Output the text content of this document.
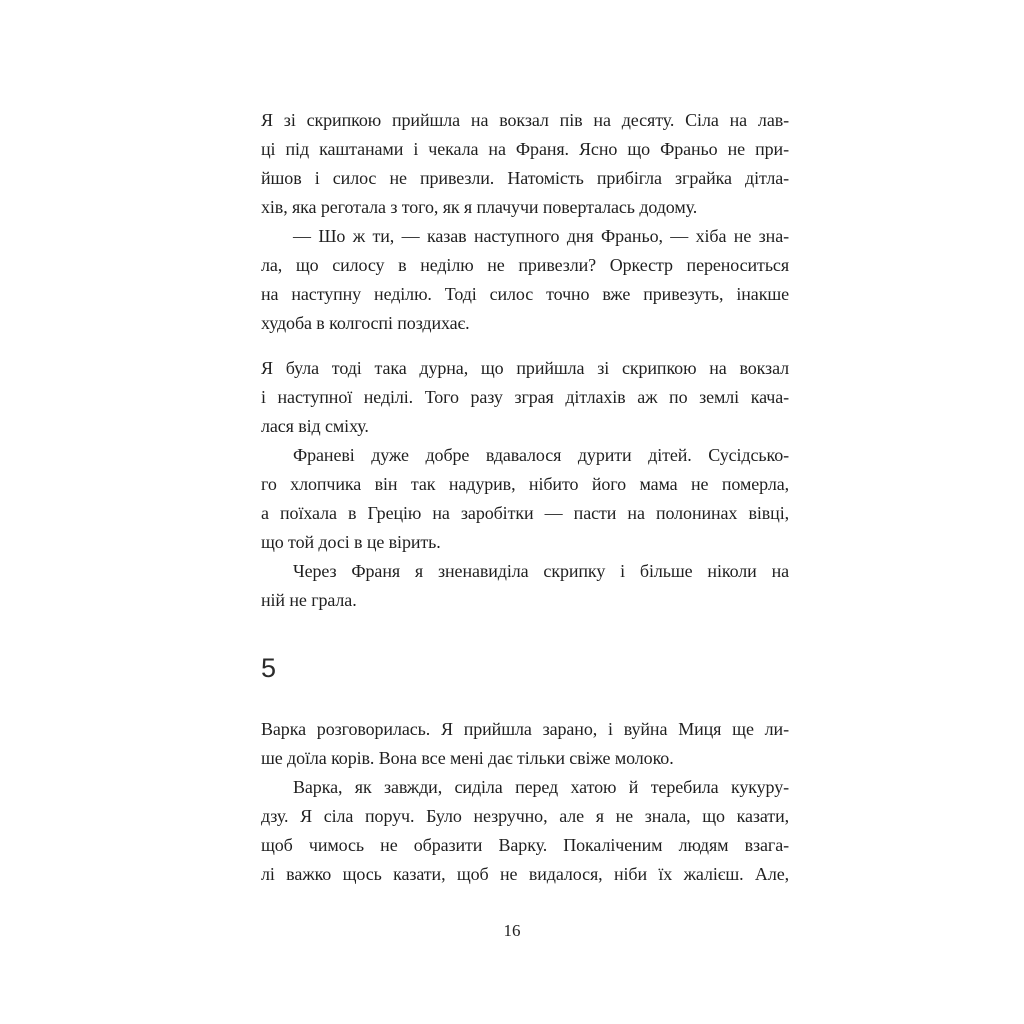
Я зі скрипкою прийшла на вокзал пів на десяту. Сіла на лав-
ці під каштанами і чекала на Франя. Ясно що Франьо не при-
йшов і силос не привезли. Натомість прибігла зграйка дітла-
хів, яка реготала з того, як я плачучи поверталась додому.
— Шо ж ти, — казав наступного дня Франьо, — хіба не зна-
ла, що силосу в неділю не привезли? Оркестр переноситься
на наступну неділю. Тоді силос точно вже привезуть, інакше
худоба в колгоспі поздихає.
Я була тоді така дурна, що прийшла зі скрипкою на вокзал
і наступної неділі. Того разу зграя дітлахів аж по землі кача-
лася від сміху.
Франеві дуже добре вдавалося дурити дітей. Сусідсько-
го хлопчика він так надурив, нібито його мама не померла,
а поїхала в Грецію на заробітки — пасти на полонинах вівці,
що той досі в це вірить.
Через Франя я зненавиділа скрипку і більше ніколи на
ній не грала.
5
Варка розговорилась. Я прийшла зарано, і вуйна Миця ще ли-
ше доїла корів. Вона все мені дає тільки свіже молоко.
Варка, як завжди, сиділа перед хатою й теребила кукуру-
дзу. Я сіла поруч. Було незручно, але я не знала, що казати,
щоб чимось не образити Варку. Покаліченим людям взага-
лі важко щось казати, щоб не видалося, ніби їх жалієш. Але,
16
